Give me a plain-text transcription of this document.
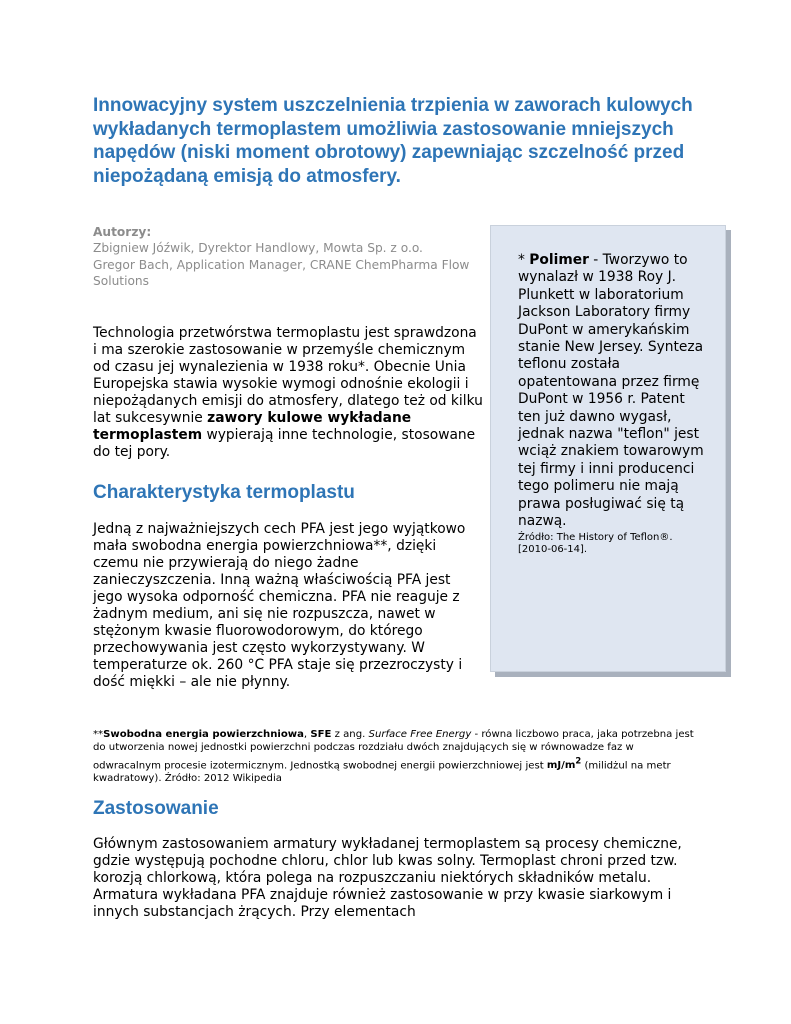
Innowacyjny system uszczelnienia trzpienia w zaworach kulowych wykładanych termoplastem umożliwia zastosowanie mniejszych napędów (niski moment obrotowy) zapewniając szczelność przed niepożądaną emisją do atmosfery.
Autorzy:
Zbigniew Jóźwik, Dyrektor Handlowy, Mowta Sp. z o.o.
Gregor Bach, Application Manager, CRANE ChemPharma Flow Solutions

Technologia przetwórstwa termoplastu jest sprawdzona i ma szerokie zastosowanie w przemyśle chemicznym od czasu jej wynalezienia w 1938 roku*. Obecnie Unia Europejska stawia wysokie wymogi odnośnie ekologii i niepożądanych emisji do atmosfery, dlatego też od kilku lat sukcesywnie zawory kulowe wykładane termoplastem wypierają inne technologie, stosowane do tej pory.

Charakterystyka termoplastu

Jedną z najważniejszych cech PFA jest jego wyjątkowo mała swobodna energia powierzchniowa**, dzięki czemu nie przywierają do niego żadne zanieczyszczenia. Inną ważną właściwością PFA jest jego wysoka odporność chemiczna. PFA nie reaguje z żadnym medium, ani się nie rozpuszcza, nawet w stężonym kwasie fluorowodorowym, do którego przechowywania jest często wykorzystywany. W temperaturze ok. 260 °C PFA staje się przezroczysty i dość miękki – ale nie płynny.

**Swobodna energia powierzchniowa, SFE z ang. Surface Free Energy - równa liczbowo praca, jaka potrzebna jest do utworzenia nowej jednostki powierzchni podczas rozdziału dwóch znajdujących się w równowadze faz w odwracalnym procesie izotermicznym. Jednostką swobodnej energii powierzchniowej jest $mJ/m^2$ (milidżul na metr kwadratowy). Źródło: 2012 Wikipedia

Zastosowanie

Głównym zastosowaniem armatury wykładanej termoplastem są procesy chemiczne, gdzie występują pochodne chloru, chlor lub kwas solny. Termoplast chroni przed tzw. korozją chlorkową, która polega na rozpuszczaniu niektórych składników metalu. Armatura wykładana PFA znajduje również zastosowanie w przy kwasie siarkowym i innych substancjach żrących. Przy elementach

* Polimer - Tworzywo to wynalazł w 1938 Roy J. Plunkett w laboratorium Jackson Laboratory firmy DuPont w amerykańskim stanie New Jersey. Synteza teflonu została opatentowana przez firmę DuPont w 1956 r. Patent ten już dawno wygasł, jednak nazwa "teflon" jest wciąż znakiem towarowym tej firmy i inni producenci tego polimeru nie mają prawa posługiwać się tą nazwą.
Źródło: The History of Teflon®. [2010-06-14].
